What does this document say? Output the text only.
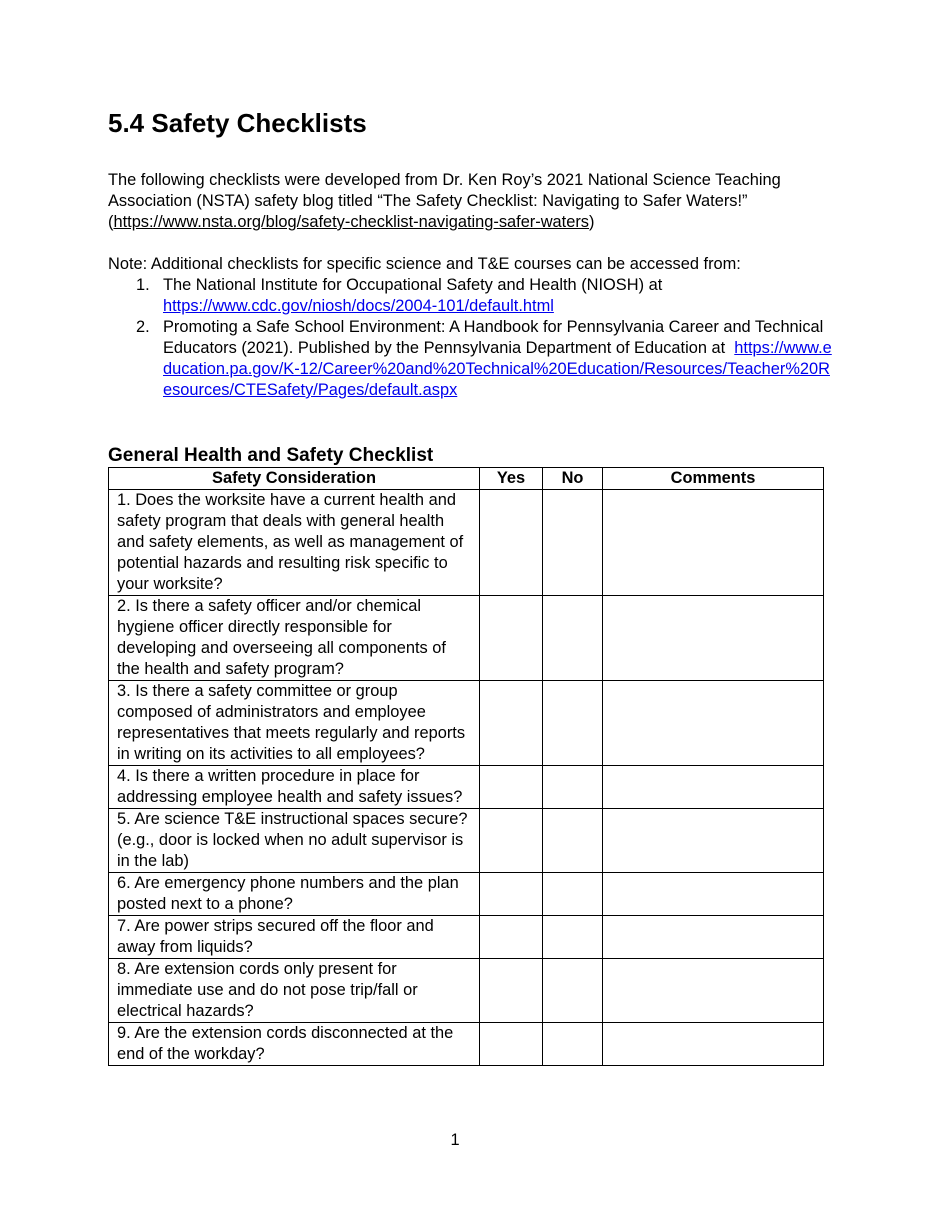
5.4 Safety Checklists
The following checklists were developed from Dr. Ken Roy’s 2021 National Science Teaching Association (NSTA) safety blog titled “The Safety Checklist: Navigating to Safer Waters!” (https://www.nsta.org/blog/safety-checklist-navigating-safer-waters)
Note: Additional checklists for specific science and T&E courses can be accessed from:
1. The National Institute for Occupational Safety and Health (NIOSH) at
https://www.cdc.gov/niosh/docs/2004-101/default.html
2. Promoting a Safe School Environment: A Handbook for Pennsylvania Career and Technical Educators (2021). Published by the Pennsylvania Department of Education at https://www.education.pa.gov/K-12/Career%20and%20Technical%20Education/Resources/Teacher%20Resources/CTESafety/Pages/default.aspx
General Health and Safety Checklist
Safety Consideration	Yes	No	Comments
1. Does the worksite have a current health and safety program that deals with general health and safety elements, as well as management of potential hazards and resulting risk specific to your worksite?			
2. Is there a safety officer and/or chemical hygiene officer directly responsible for developing and overseeing all components of the health and safety program?			
3. Is there a safety committee or group composed of administrators and employee representatives that meets regularly and reports in writing on its activities to all employees?			
4. Is there a written procedure in place for addressing employee health and safety issues?			
5. Are science T&E instructional spaces secure? (e.g., door is locked when no adult supervisor is in the lab)			
6. Are emergency phone numbers and the plan posted next to a phone?			
7. Are power strips secured off the floor and away from liquids?			
8. Are extension cords only present for immediate use and do not pose trip/fall or electrical hazards?			
9. Are the extension cords disconnected at the end of the workday?			
1
